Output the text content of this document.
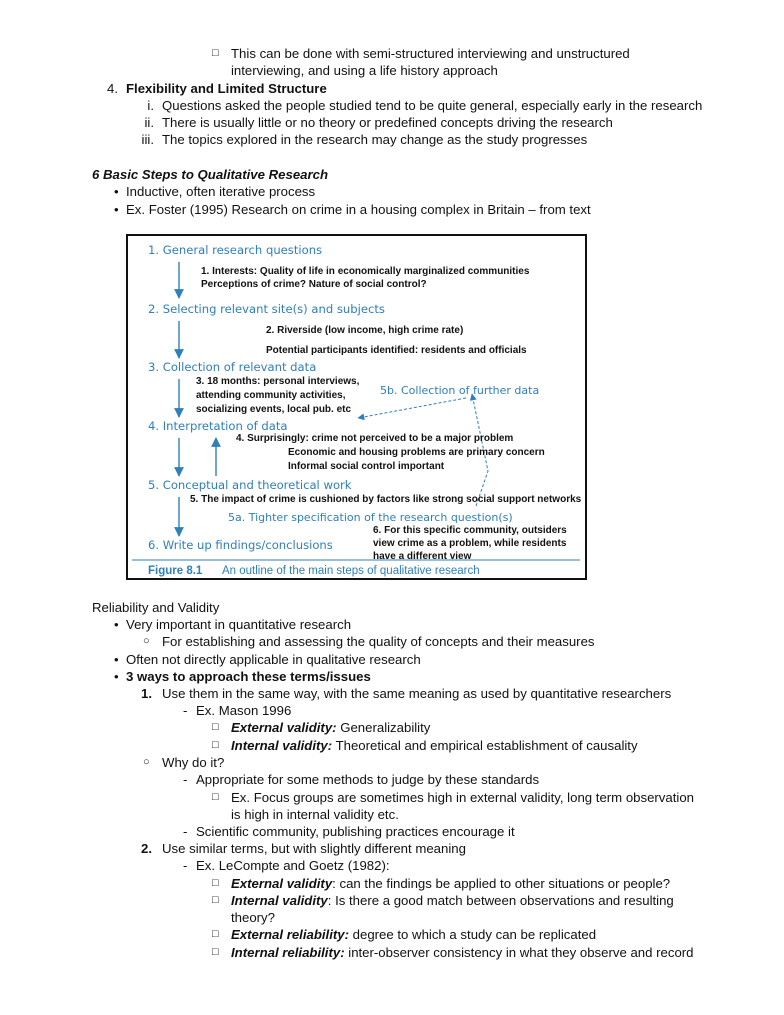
□ This can be done with semi-structured interviewing and unstructured
interviewing, and using a life history approach
4. Flexibility and Limited Structure
i. Questions asked the people studied tend to be quite general, especially early in the research
ii. There is usually little or no theory or predefined concepts driving the research
iii. The topics explored in the research may change as the study progresses
6 Basic Steps to Qualitative Research
• Inductive, often iterative process
• Ex. Foster (1995) Research on crime in a housing complex in Britain – from text
1. General research questions
2. Selecting relevant site(s) and subjects
3. Collection of relevant data
4. Interpretation of data
5. Conceptual and theoretical work
6. Write up findings/conclusions
5b. Collection of further data
5a. Tighter specification of the research question(s)
1. Interests: Quality of life in economically marginalized communities
Perceptions of crime? Nature of social control?
2. Riverside (low income, high crime rate)
Potential participants identified: residents and officials
3. 18 months: personal interviews,
attending community activities,
socializing events, local pub. etc
4. Surprisingly: crime not perceived to be a major problem
Economic and housing problems are primary concern
Informal social control important
5. The impact of crime is cushioned by factors like strong social support networks
6. For this specific community, outsiders
view crime as a problem, while residents
have a different view
Figure 8.1 An outline of the main steps of qualitative research
Reliability and Validity
• Very important in quantitative research
○ For establishing and assessing the quality of concepts and their measures
• Often not directly applicable in qualitative research
• 3 ways to approach these terms/issues
1. Use them in the same way, with the same meaning as used by quantitative researchers
- Ex. Mason 1996
□ External validity: Generalizability
□ Internal validity: Theoretical and empirical establishment of causality
○ Why do it?
- Appropriate for some methods to judge by these standards
□ Ex. Focus groups are sometimes high in external validity, long term observation
is high in internal validity etc.
- Scientific community, publishing practices encourage it
2. Use similar terms, but with slightly different meaning
- Ex. LeCompte and Goetz (1982):
□ External validity: can the findings be applied to other situations or people?
□ Internal validity: Is there a good match between observations and resulting
theory?
□ External reliability: degree to which a study can be replicated
□ Internal reliability: inter-observer consistency in what they observe and record
